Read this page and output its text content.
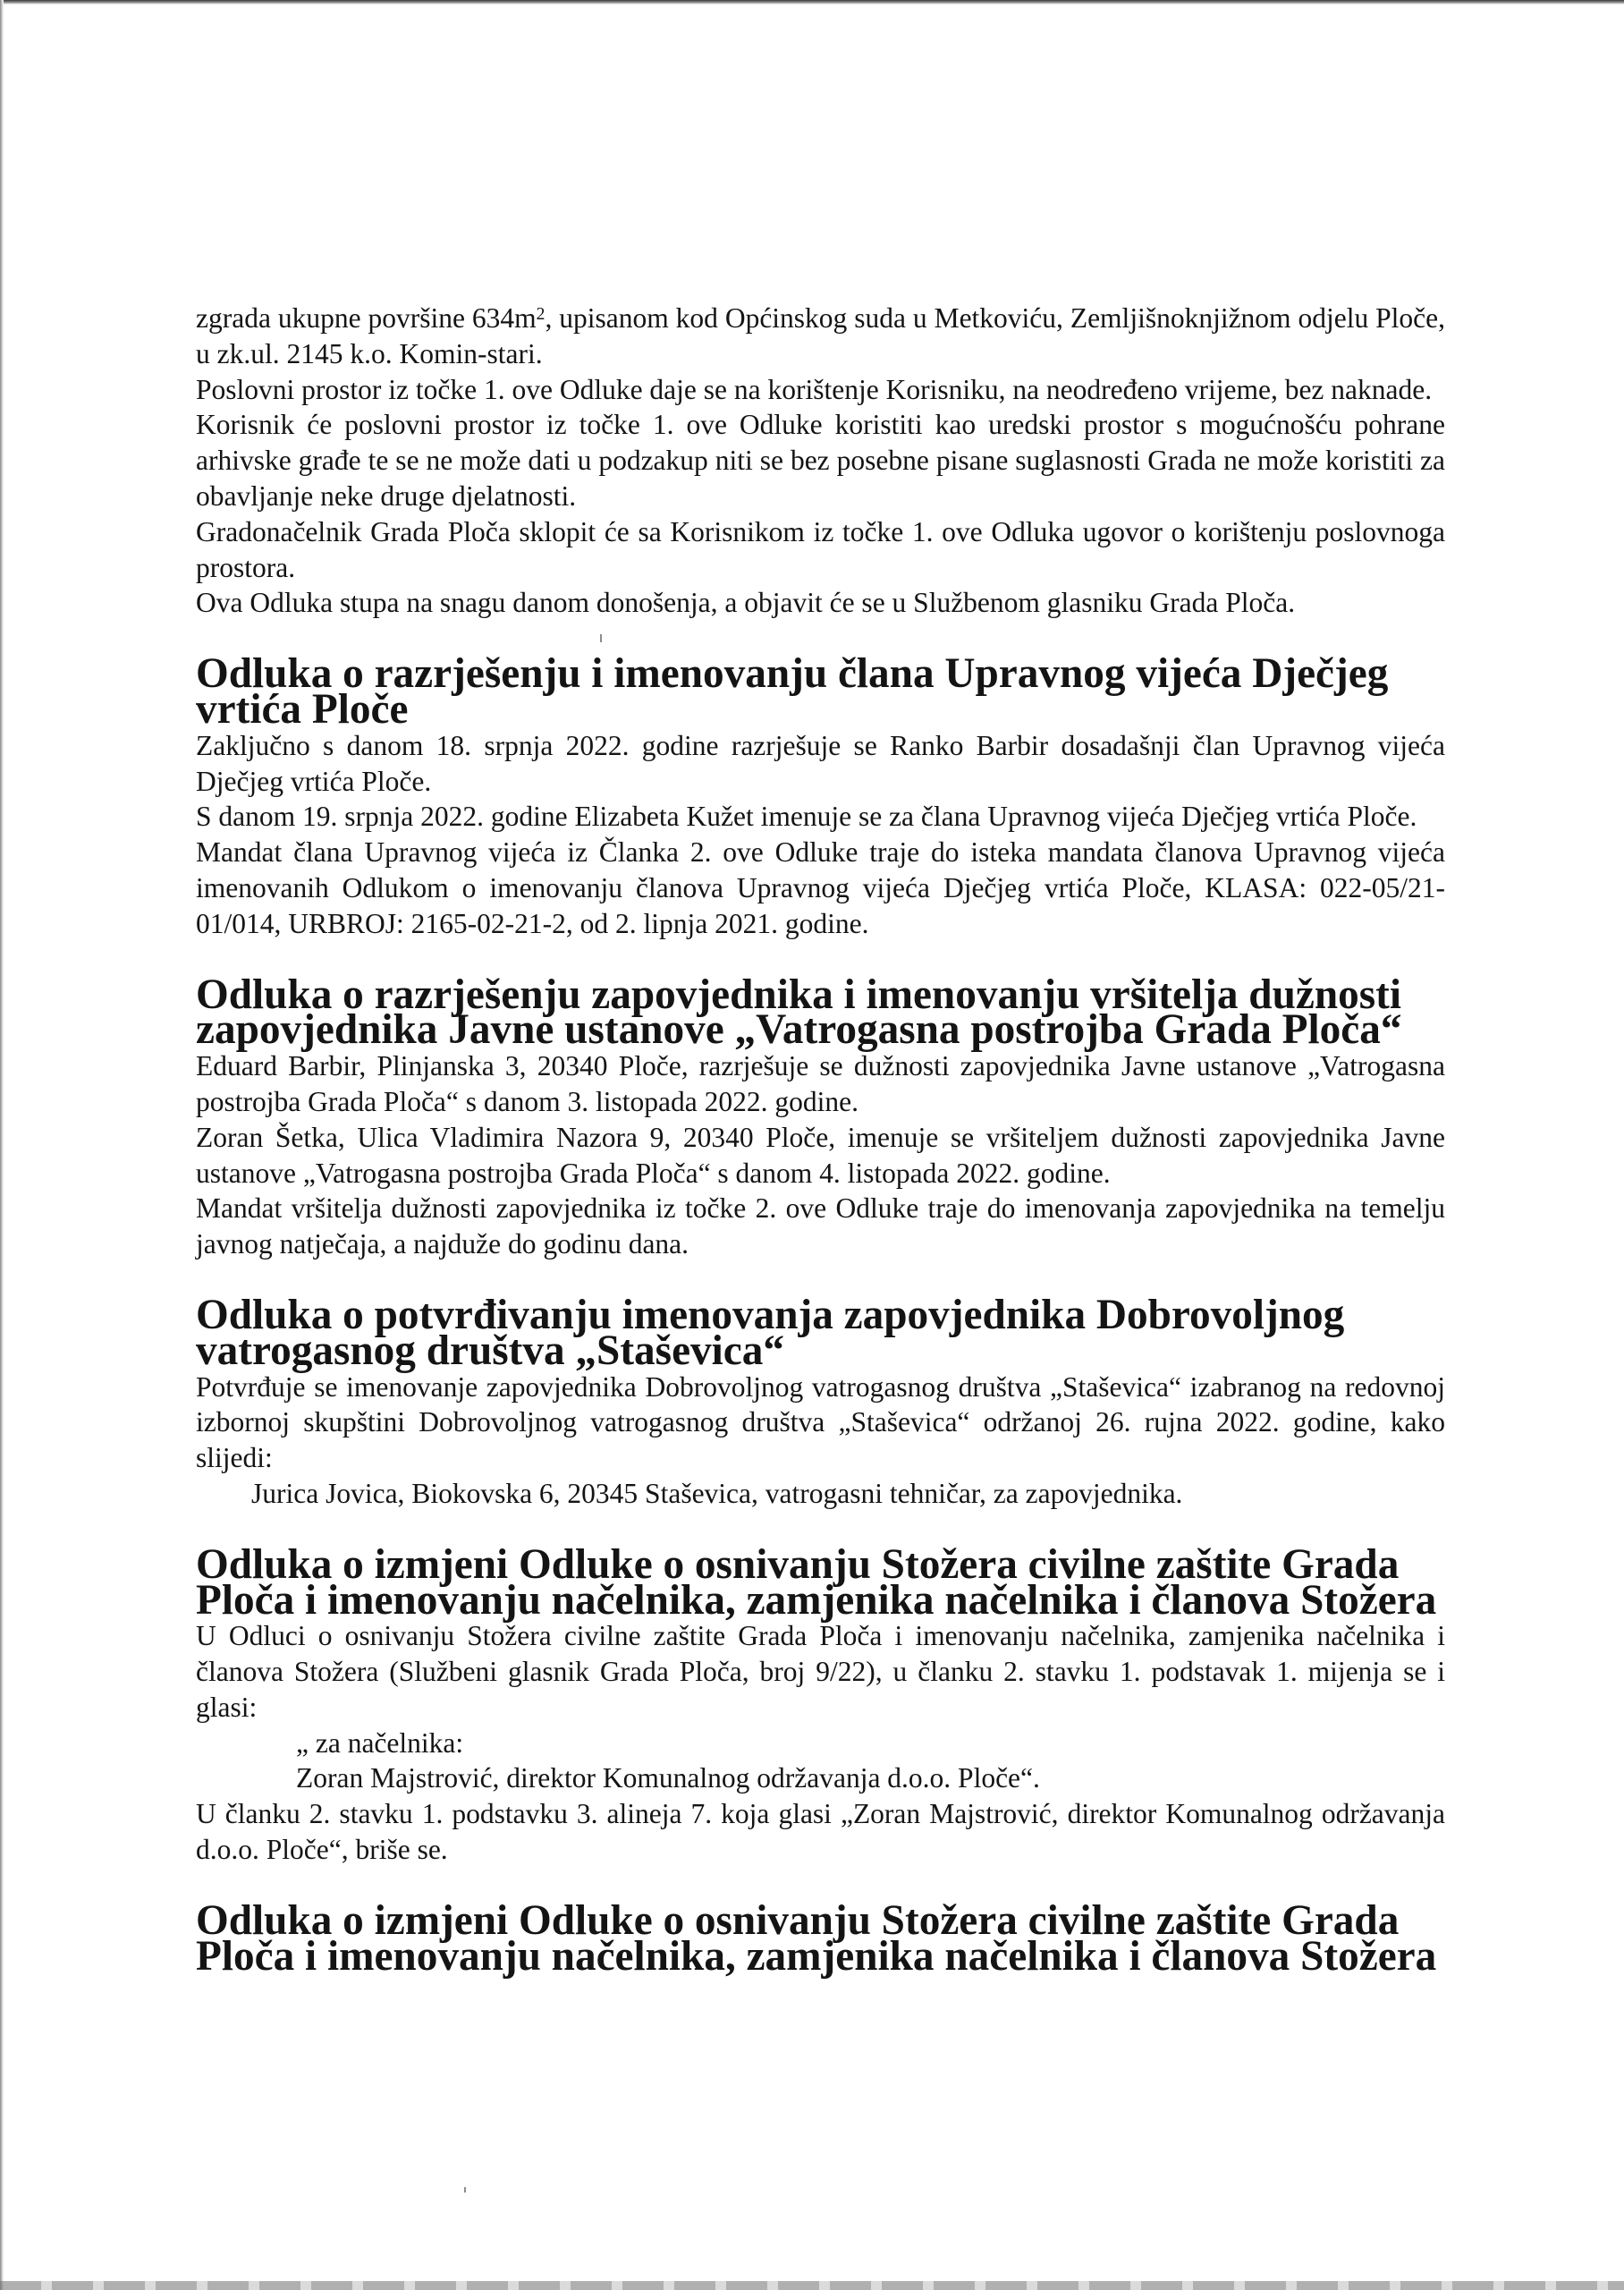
zgrada ukupne površine $634m^2$, upisanom kod Općinskog suda u Metkoviću, Zemljišnoknjižnom odjelu Ploče, u zk.ul. 2145 k.o. Komin-stari.

Poslovni prostor iz točke 1. ove Odluke daje se na korištenje Korisniku, na neodređeno vrijeme, bez naknade.

Korisnik će poslovni prostor iz točke 1. ove Odluke koristiti kao uredski prostor s mogućnošću pohrane arhivske građe te se ne može dati u podzakup niti se bez posebne pisane suglasnosti Grada ne može koristiti za obavljanje neke druge djelatnosti.

Gradonačelnik Grada Ploča sklopit će sa Korisnikom iz točke 1. ove Odluka ugovor o korištenju poslovnoga prostora.

Ova Odluka stupa na snagu danom donošenja, a objavit će se u Službenom glasniku Grada Ploča.

Odluka o razrješenju i imenovanju člana Upravnog vijeća Dječjeg vrtića Ploče

Zaključno s danom 18. srpnja 2022. godine razrješuje se Ranko Barbir dosadašnji član Upravnog vijeća Dječjeg vrtića Ploče.

S danom 19. srpnja 2022. godine Elizabeta Kužet imenuje se za člana Upravnog vijeća Dječjeg vrtića Ploče.

Mandat člana Upravnog vijeća iz Članka 2. ove Odluke traje do isteka mandata članova Upravnog vijeća imenovanih Odlukom o imenovanju članova Upravnog vijeća Dječjeg vrtića Ploče, KLASA: 022-05/21-01/014, URBROJ: 2165-02-21-2, od 2. lipnja 2021. godine.

Odluka o razrješenju zapovjednika i imenovanju vršitelja dužnosti zapovjednika Javne ustanove „Vatrogasna postrojba Grada Ploča“

Eduard Barbir, Plinjanska 3, 20340 Ploče, razrješuje se dužnosti zapovjednika Javne ustanove „Vatrogasna postrojba Grada Ploča“ s danom 3. listopada 2022. godine.

Zoran Šetka, Ulica Vladimira Nazora 9, 20340 Ploče, imenuje se vršiteljem dužnosti zapovjednika Javne ustanove „Vatrogasna postrojba Grada Ploča“ s danom 4. listopada 2022. godine.

Mandat vršitelja dužnosti zapovjednika iz točke 2. ove Odluke traje do imenovanja zapovjednika na temelju javnog natječaja, a najduže do godinu dana.

Odluka o potvrđivanju imenovanja zapovjednika Dobrovoljnog vatrogasnog društva „Staševica“

Potvrđuje se imenovanje zapovjednika Dobrovoljnog vatrogasnog društva „Staševica“ izabranog na redovnoj izbornoj skupštini Dobrovoljnog vatrogasnog društva „Staševica“ održanoj 26. rujna 2022. godine, kako slijedi:

Jurica Jovica, Biokovska 6, 20345 Staševica, vatrogasni tehničar, za zapovjednika.

Odluka o izmjeni Odluke o osnivanju Stožera civilne zaštite Grada Ploča i imenovanju načelnika, zamjenika načelnika i članova Stožera

U Odluci o osnivanju Stožera civilne zaštite Grada Ploča i imenovanju načelnika, zamjenika načelnika i članova Stožera (Službeni glasnik Grada Ploča, broj 9/22), u članku 2. stavku 1. podstavak 1. mijenja se i glasi:

„ za načelnika:

Zoran Majstrović, direktor Komunalnog održavanja d.o.o. Ploče“.

U članku 2. stavku 1. podstavku 3. alineja 7. koja glasi „Zoran Majstrović, direktor Komunalnog održavanja d.o.o. Ploče“, briše se.

Odluka o izmjeni Odluke o osnivanju Stožera civilne zaštite Grada Ploča i imenovanju načelnika, zamjenika načelnika i članova Stožera
